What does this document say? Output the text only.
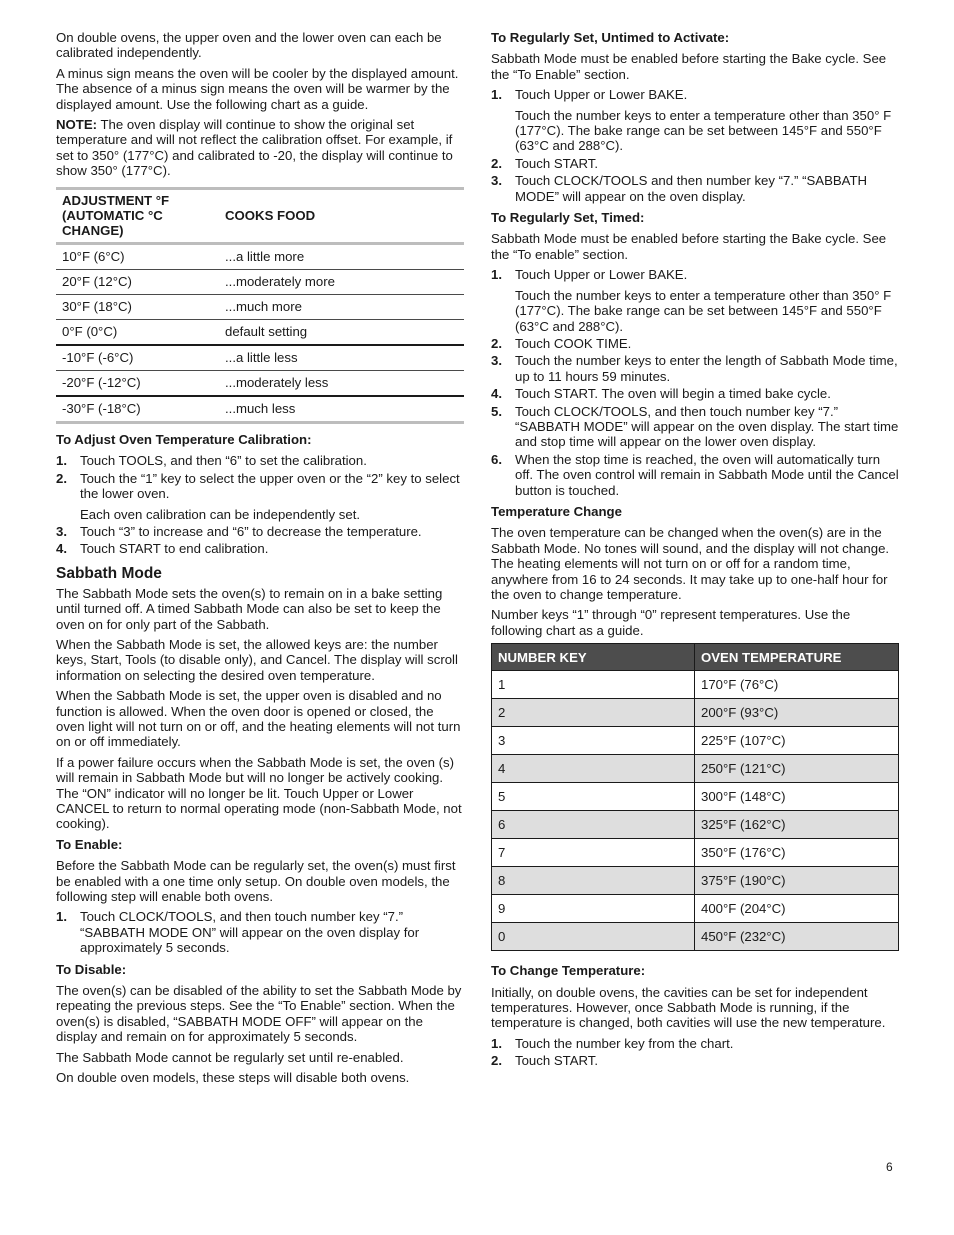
On double ovens, the upper oven and the lower oven can each be calibrated independently.

A minus sign means the oven will be cooler by the displayed amount. The absence of a minus sign means the oven will be warmer by the displayed amount. Use the following chart as a guide.

NOTE: The oven display will continue to show the original set temperature and will not reflect the calibration offset. For example, if set to 350° (177°C) and calibrated to -20, the display will continue to show 350° (177°C).

ADJUSTMENT °F (AUTOMATIC °C CHANGE)	COOKS FOOD
10°F (6°C)	...a little more
20°F (12°C)	...moderately more
30°F (18°C)	...much more
0°F (0°C)	default setting
-10°F (-6°C)	...a little less
-20°F (-12°C)	...moderately less
-30°F (-18°C)	...much less

To Adjust Oven Temperature Calibration:

1. Touch TOOLS, and then “6” to set the calibration.
2. Touch the “1” key to select the upper oven or the “2” key to select the lower oven.
Each oven calibration can be independently set.
3. Touch “3” to increase and “6” to decrease the temperature.
4. Touch START to end calibration.
Sabbath Mode

The Sabbath Mode sets the oven(s) to remain on in a bake setting until turned off. A timed Sabbath Mode can also be set to keep the oven on for only part of the Sabbath.

When the Sabbath Mode is set, the allowed keys are: the number keys, Start, Tools (to disable only), and Cancel. The display will scroll information on selecting the desired oven temperature.

When the Sabbath Mode is set, the upper oven is disabled and no function is allowed. When the oven door is opened or closed, the oven light will not turn on or off, and the heating elements will not turn on or off immediately.

If a power failure occurs when the Sabbath Mode is set, the oven (s) will remain in Sabbath Mode but will no longer be actively cooking. The “ON” indicator will no longer be lit. Touch Upper or Lower CANCEL to return to normal operating mode (non-Sabbath Mode, not cooking).

To Enable:

Before the Sabbath Mode can be regularly set, the oven(s) must first be enabled with a one time only setup. On double oven models, the following step will enable both ovens.

1. Touch CLOCK/TOOLS, and then touch number key “7.” “SABBATH MODE ON” will appear on the oven display for approximately 5 seconds.

To Disable:

The oven(s) can be disabled of the ability to set the Sabbath Mode by repeating the previous steps. See the “To Enable” section. When the oven(s) is disabled, “SABBATH MODE OFF” will appear on the display and remain on for approximately 5 seconds.

The Sabbath Mode cannot be regularly set until re-enabled.

On double oven models, these steps will disable both ovens.

To Regularly Set, Untimed to Activate:

Sabbath Mode must be enabled before starting the Bake cycle. See the “To Enable” section.

1. Touch Upper or Lower BAKE.
Touch the number keys to enter a temperature other than 350° F (177°C). The bake range can be set between 145°F and 550°F (63°C and 288°C).
2. Touch START.
3. Touch CLOCK/TOOLS and then number key “7.” “SABBATH MODE” will appear on the oven display.

To Regularly Set, Timed:

Sabbath Mode must be enabled before starting the Bake cycle. See the “To enable” section.

1. Touch Upper or Lower BAKE.
Touch the number keys to enter a temperature other than 350° F (177°C). The bake range can be set between 145°F and 550°F (63°C and 288°C).
2. Touch COOK TIME.
3. Touch the number keys to enter the length of Sabbath Mode time, up to 11 hours 59 minutes.
4. Touch START. The oven will begin a timed bake cycle.
5. Touch CLOCK/TOOLS, and then touch number key “7.” “SABBATH MODE” will appear on the oven display. The start time and stop time will appear on the lower oven display.
6. When the stop time is reached, the oven will automatically turn off. The oven control will remain in Sabbath Mode until the Cancel button is touched.

Temperature Change

The oven temperature can be changed when the oven(s) are in the Sabbath Mode. No tones will sound, and the display will not change. The heating elements will not turn on or off for a random time, anywhere from 16 to 24 seconds. It may take up to one-half hour for the oven to change temperature.

Number keys “1” through “0” represent temperatures. Use the following chart as a guide.

NUMBER KEY	OVEN TEMPERATURE
1	170°F (76°C)
2	200°F (93°C)
3	225°F (107°C)
4	250°F (121°C)
5	300°F (148°C)
6	325°F (162°C)
7	350°F (176°C)
8	375°F (190°C)
9	400°F (204°C)
0	450°F (232°C)

To Change Temperature:

Initially, on double ovens, the cavities can be set for independent temperatures. However, once Sabbath Mode is running, if the temperature is changed, both cavities will use the new temperature.

1. Touch the number key from the chart.
2. Touch START.
6
